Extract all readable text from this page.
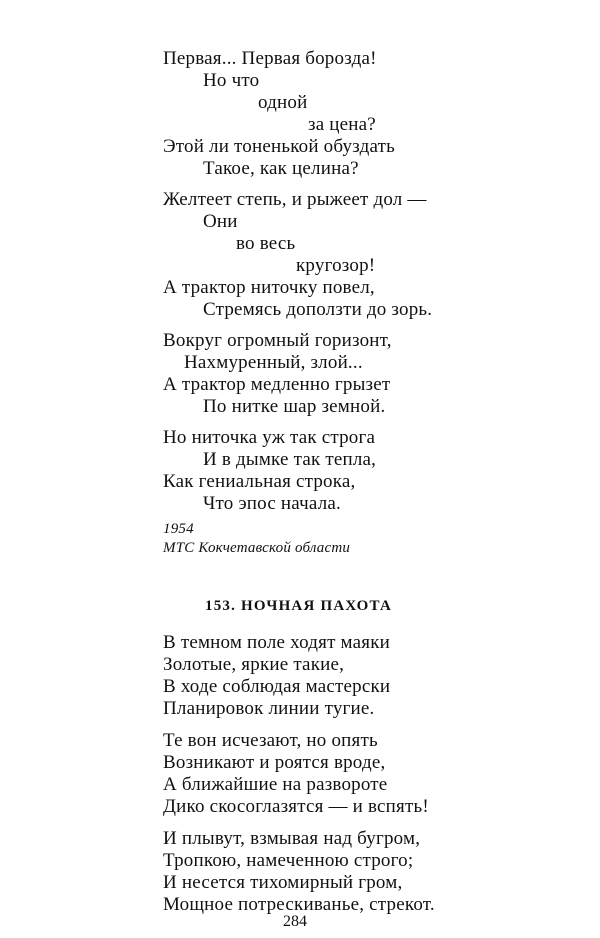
Первая... Первая борозда!
Но что
одной
за цена?
Этой ли тоненькой обуздать
Такое, как целина?
Желтеет степь, и рыжеет дол —
Они
во весь
кругозор!
А трактор ниточку повел,
Стремясь доползти до зорь.
Вокруг огромный горизонт,
Нахмуренный, злой...
А трактор медленно грызет
По нитке шар земной.
Но ниточка уж так строга
И в дымке так тепла,
Как гениальная строка,
Что эпос начала.
1954
МТС Кокчетавской области
153. НОЧНАЯ ПАХОТА
В темном поле ходят маяки
Золотые, яркие такие,
В ходе соблюдая мастерски
Планировок линии тугие.
Те вон исчезают, но опять
Возникают и роятся вроде,
А ближайшие на развороте
Дико скосоглазятся — и вспять!
И плывут, взмывая над бугром,
Тропкою, намеченною строго;
И несется тихомирный гром,
Мощное потрескиванье, стрекот.
284
